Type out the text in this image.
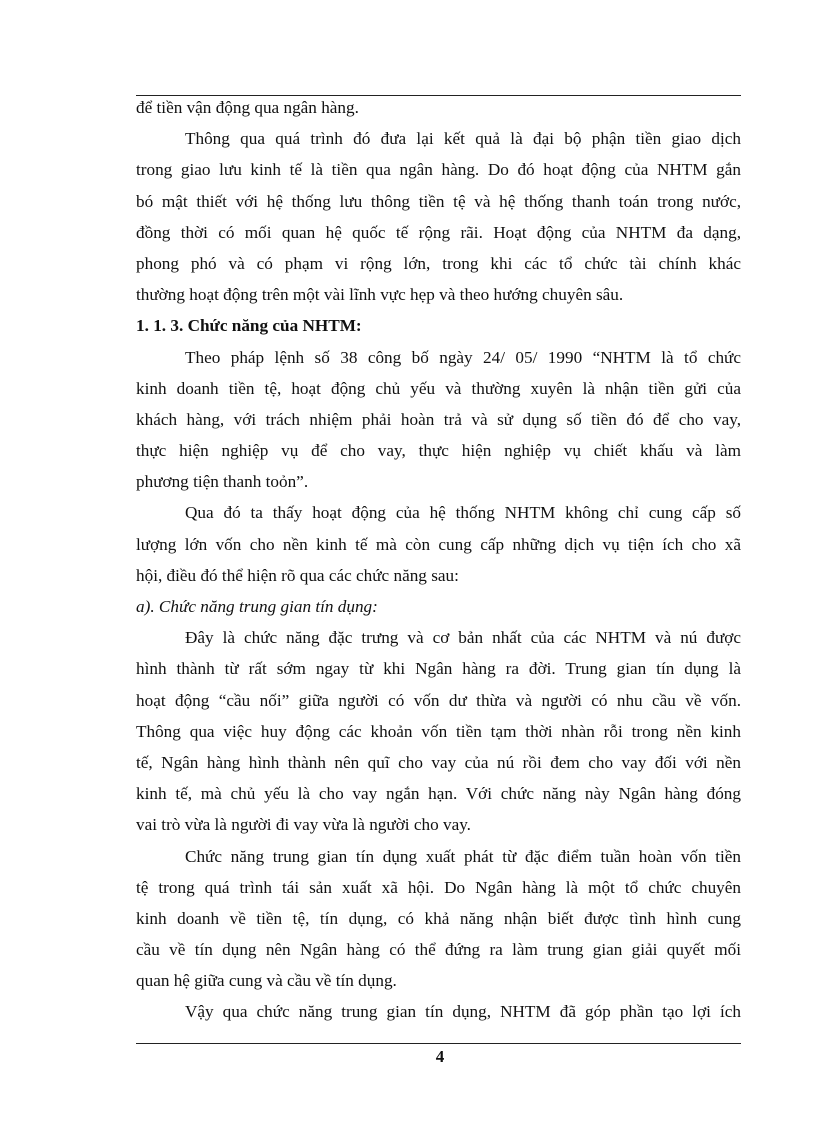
để tiền vận động qua ngân hàng.
Thông qua quá trình đó đưa lại kết quả là đại bộ phận tiền giao dịch
trong giao lưu kinh tế là tiền qua ngân hàng. Do đó hoạt động của NHTM gắn
bó mật thiết với hệ thống lưu thông tiền tệ và hệ thống thanh toán trong nước,
đồng thời có mối quan hệ quốc tế rộng rãi. Hoạt động của NHTM đa dạng,
phong phó và có phạm vi rộng lớn, trong khi các tổ chức tài chính khác
thường hoạt động trên một vài lĩnh vực hẹp và theo hướng chuyên sâu.
1. 1. 3. Chức năng của NHTM:
Theo pháp lệnh số 38 công bố ngày 24/ 05/ 1990 “NHTM là tổ chức
kinh doanh tiền tệ, hoạt động chủ yếu và thường xuyên là nhận tiền gửi của
khách hàng, với trách nhiệm phải hoàn trả và sử dụng số tiền đó để cho vay,
thực hiện nghiệp vụ để cho vay, thực hiện nghiệp vụ chiết khấu và làm
phương tiện thanh toỏn”.
Qua đó ta thấy hoạt động của hệ thống NHTM không chỉ cung cấp số
lượng lớn vốn cho nền kinh tế mà còn cung cấp những dịch vụ tiện ích cho xã
hội, điều đó thể hiện rõ qua các chức năng sau:
a). Chức năng trung gian tín dụng:
Đây là chức năng đặc trưng và cơ bản nhất của các NHTM và nú được
hình thành từ rất sớm ngay từ khi Ngân hàng ra đời. Trung gian tín dụng là
hoạt động “cầu nối” giữa người có vốn dư thừa và người có nhu cầu về vốn.
Thông qua việc huy động các khoản vốn tiền tạm thời nhàn rỗi trong nền kinh
tế, Ngân hàng hình thành nên quĩ cho vay của nú rồi đem cho vay đối với nền
kinh tế, mà chủ yếu là cho vay ngắn hạn. Với chức năng này Ngân hàng đóng
vai trò vừa là người đi vay vừa là người cho vay.
Chức năng trung gian tín dụng xuất phát từ đặc điểm tuần hoàn vốn tiền
tệ trong quá trình tái sản xuất xã hội. Do Ngân hàng là một tổ chức chuyên
kinh doanh về tiền tệ, tín dụng, có khả năng nhận biết được tình hình cung
cầu về tín dụng nên Ngân hàng có thể đứng ra làm trung gian giải quyết mối
quan hệ giữa cung và cầu về tín dụng.
Vậy qua chức năng trung gian tín dụng, NHTM đã góp phần tạo lợi ích
4
